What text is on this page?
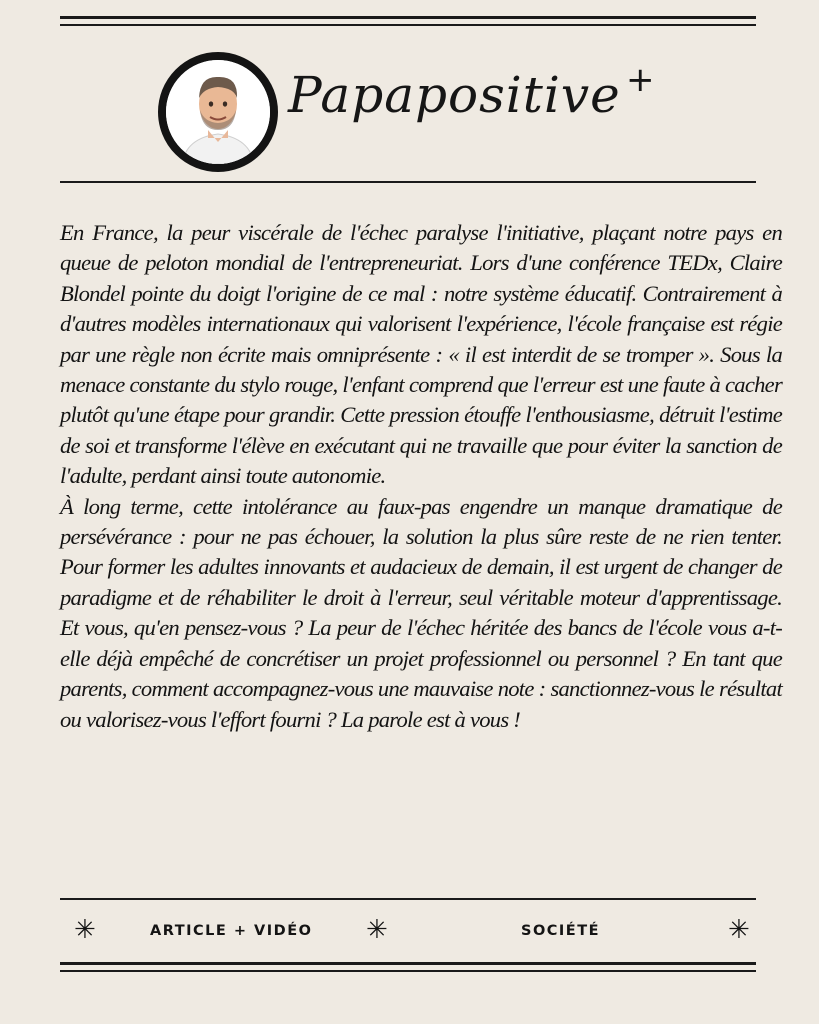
Papapositive +

En France, la peur viscérale de l'échec paralyse l'initiative, plaçant notre pays en queue de peloton mondial de l'entrepreneuriat. Lors d'une conférence TEDx, Claire Blondel pointe du doigt l'origine de ce mal : notre système éducatif. Contrairement à d'autres modèles internationaux qui valorisent l'expérience, l'école française est régie par une règle non écrite mais omniprésente : « il est interdit de se tromper ». Sous la menace constante du stylo rouge, l'enfant comprend que l'erreur est une faute à cacher plutôt qu'une étape pour grandir. Cette pression étouffe l'enthousiasme, détruit l'estime de soi et transforme l'élève en exécutant qui ne travaille que pour éviter la sanction de l'adulte, perdant ainsi toute autonomie.

À long terme, cette intolérance au faux-pas engendre un manque dramatique de persévérance : pour ne pas échouer, la solution la plus sûre reste de ne rien tenter. Pour former les adultes innovants et audacieux de demain, il est urgent de changer de paradigme et de réhabiliter le droit à l'erreur, seul véritable moteur d'apprentissage. Et vous, qu'en pensez-vous ? La peur de l'échec héritée des bancs de l'école vous a-t-elle déjà empêché de concrétiser un projet professionnel ou personnel ? En tant que parents, comment accompagnez-vous une mauvaise note : sanctionnez-vous le résultat ou valorisez-vous l'effort fourni ? La parole est à vous !

✳	ARTICLE + VIDÉO ✳	SOCIÉTÉ	✳
